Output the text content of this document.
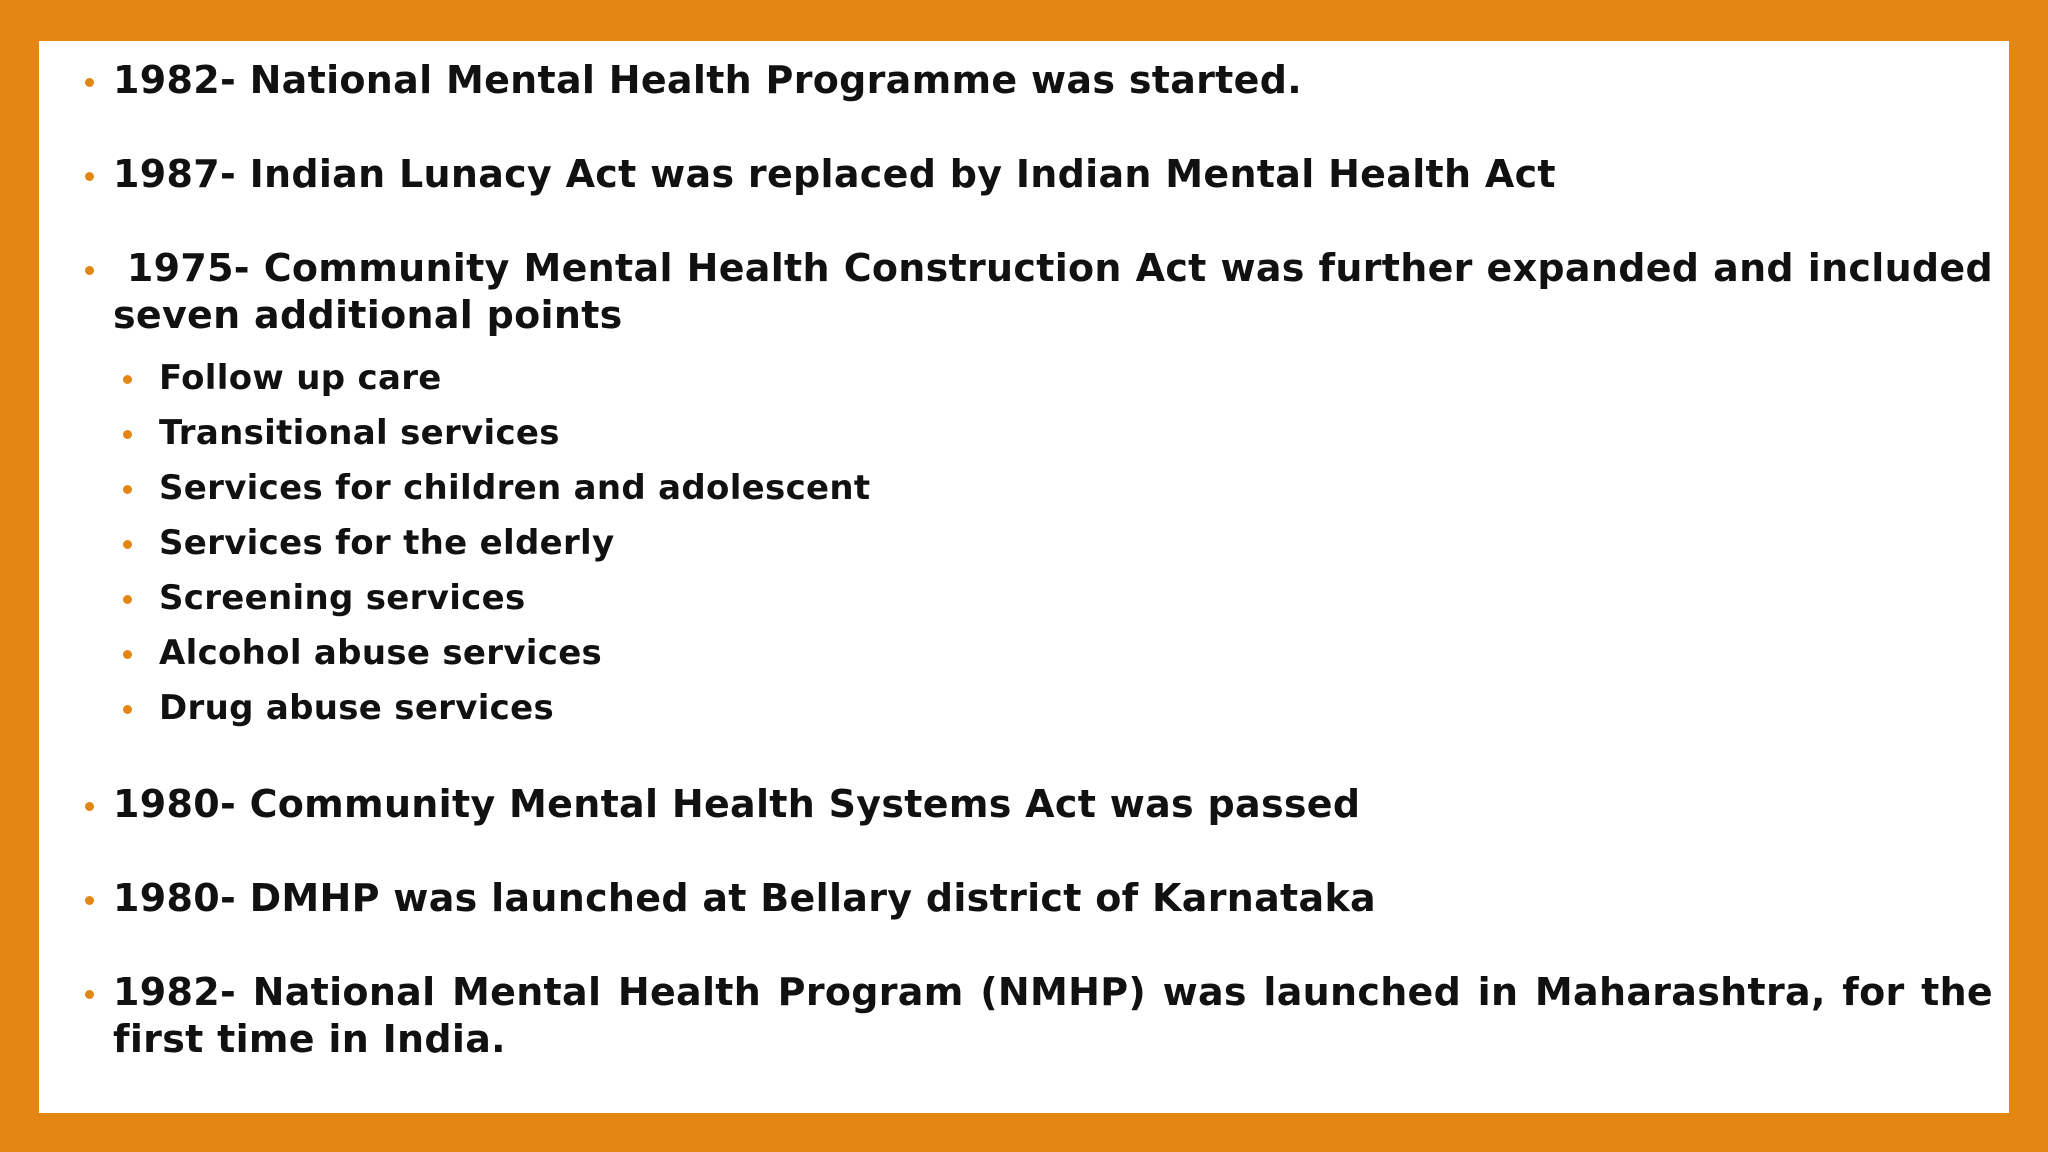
1982- National Mental Health Programme was started.
1987- Indian Lunacy Act was replaced by Indian Mental Health Act
1975- Community Mental Health Construction Act was further expanded and included seven additional points
Follow up care
Transitional services
Services for children and adolescent
Services for the elderly
Screening services
Alcohol abuse services
Drug abuse services
1980- Community Mental Health Systems Act was passed
1980- DMHP was launched at Bellary district of Karnataka
1982- National Mental Health Program (NMHP) was launched in Maharashtra, for the first time in India.
